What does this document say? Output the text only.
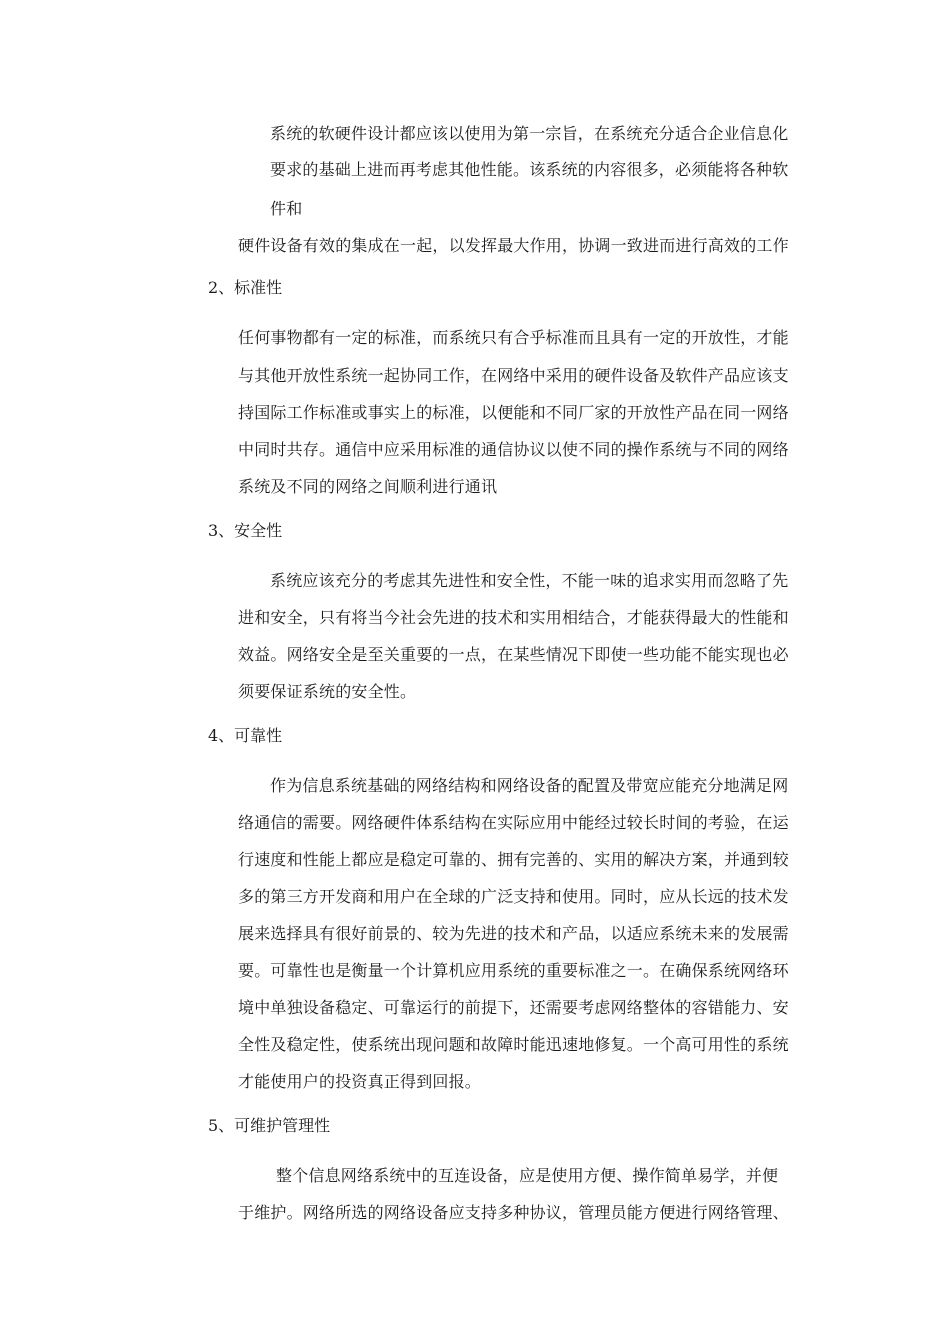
系统的软硬件设计都应该以使用为第一宗旨，在系统充分适合企业信息化
要求的基础上进而再考虑其他性能。该系统的内容很多，必须能将各种软
件和
硬件设备有效的集成在一起，以发挥最大作用，协调一致进而进行高效的工作
2、标准性
任何事物都有一定的标准，而系统只有合乎标准而且具有一定的开放性，才能
与其他开放性系统一起协同工作，在网络中采用的硬件设备及软件产品应该支
持国际工作标准或事实上的标准，以便能和不同厂家的开放性产品在同一网络
中同时共存。通信中应采用标准的通信协议以使不同的操作系统与不同的网络
系统及不同的网络之间顺利进行通讯
3、安全性
系统应该充分的考虑其先进性和安全性，不能一味的追求实用而忽略了先
进和安全，只有将当今社会先进的技术和实用相结合，才能获得最大的性能和
效益。网络安全是至关重要的一点，在某些情况下即使一些功能不能实现也必
须要保证系统的安全性。
4、可靠性
作为信息系统基础的网络结构和网络设备的配置及带宽应能充分地满足网
络通信的需要。网络硬件体系结构在实际应用中能经过较长时间的考验，在运
行速度和性能上都应是稳定可靠的、拥有完善的、实用的解决方案，并通到较
多的第三方开发商和用户在全球的广泛支持和使用。同时，应从长远的技术发
展来选择具有很好前景的、较为先进的技术和产品，以适应系统未来的发展需
要。可靠性也是衡量一个计算机应用系统的重要标准之一。在确保系统网络环
境中单独设备稳定、可靠运行的前提下，还需要考虑网络整体的容错能力、安
全性及稳定性，使系统出现问题和故障时能迅速地修复。一个高可用性的系统
才能使用户的投资真正得到回报。
5、可维护管理性
整个信息网络系统中的互连设备，应是使用方便、操作简单易学，并便
于维护。网络所选的网络设备应支持多种协议，管理员能方便进行网络管理、
